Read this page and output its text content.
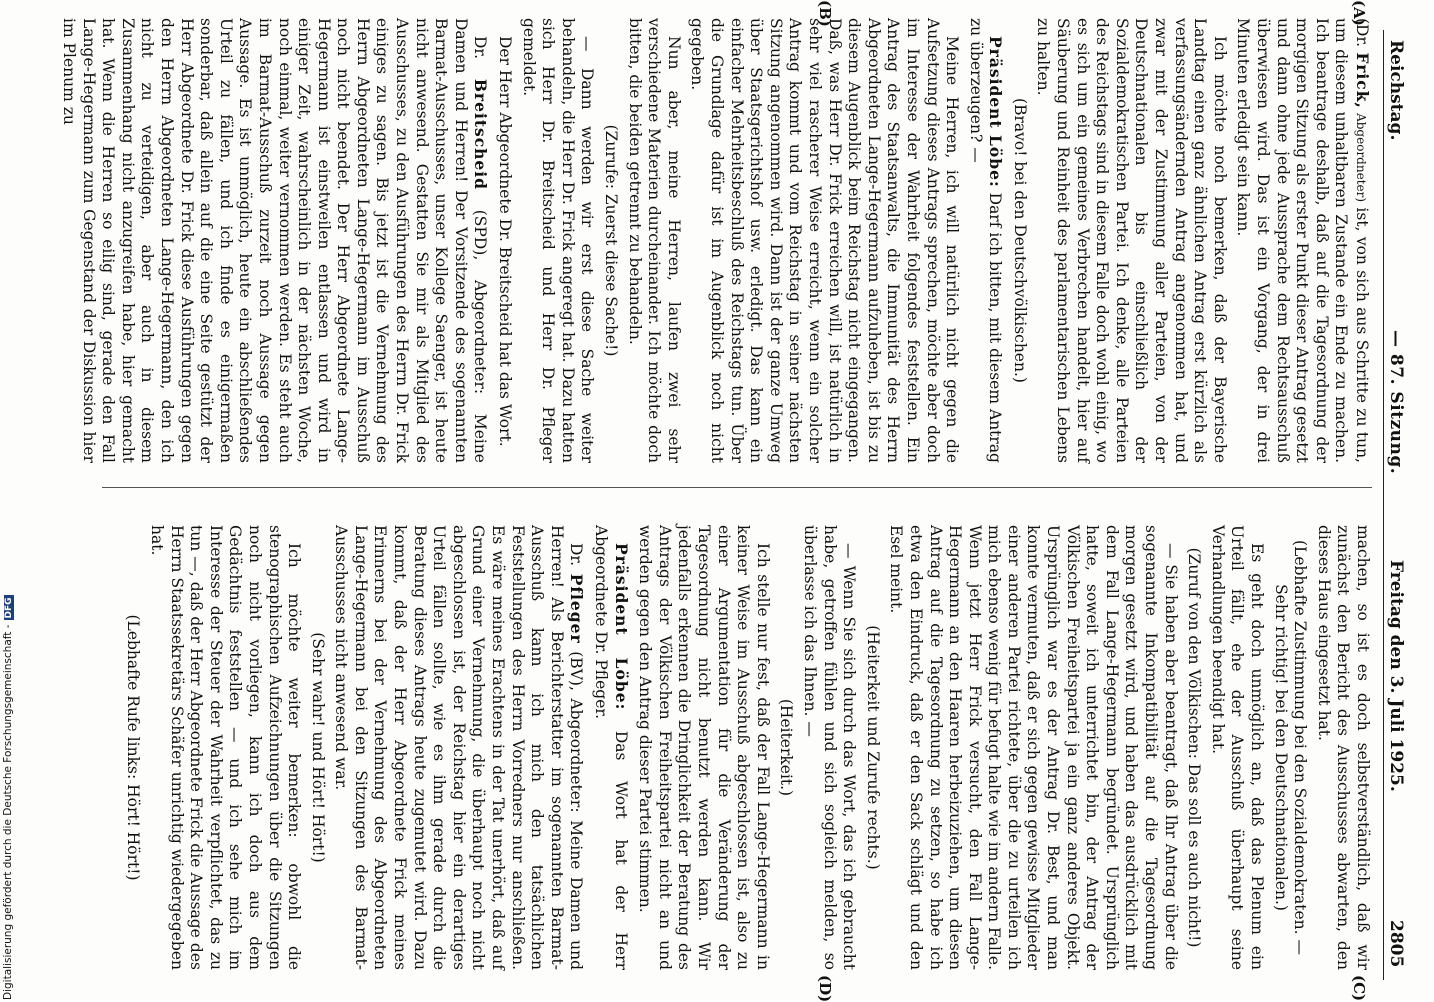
Reichstag.
— 87. Sitzung.
Freitag den 3. Juli 1925.
2805
(A)
(B)
(C)
(D)

(Dr. Frick, Abgeordneter) ist, von sich aus Schritte zu tun, um diesem unhaltbaren Zustande ein Ende zu machen. Ich beantrage deshalb, daß auf die Tagesordnung der morgigen Sitzung als erster Punkt dieser Antrag gesetzt und dann ohne jede Aussprache dem Rechtsausschuß überwiesen wird. Das ist ein Vorgang, der in drei Minuten erledigt sein kann.

Ich möchte noch bemerken, daß der Bayerische Landtag einen ganz ähnlichen Antrag erst kürzlich als verfassungsändernden Antrag angenommen hat, und zwar mit der Zustimmung aller Parteien, von der Deutschnationalen bis einschließlich der Sozialdemokratischen Partei. Ich denke, alle Parteien des Reichstags sind in diesem Falle doch wohl einig, wo es sich um ein gemeines Verbrechen handelt, hier auf Säuberung und Reinheit des parlamentarischen Lebens zu halten.

(Bravo! bei den Deutschvölkischen.)

Präsident Löbe: Darf ich bitten, mit diesem Antrag zu überzeugen? —

Meine Herren, ich will natürlich nicht gegen die Aufsetzung dieses Antrags sprechen, möchte aber doch im Interesse der Wahrheit folgendes feststellen. Ein Antrag des Staatsanwalts, die Immunität des Herrn Abgeordneten Lange-Hegermann aufzuheben, ist bis zu diesem Augenblick beim Reichstag nicht eingegangen. Daß, was Herr Dr. Frick erreichen will, ist natürlich in sehr viel rascherer Weise erreicht, wenn ein solcher Antrag kommt und vom Reichstag in seiner nächsten Sitzung angenommen wird. Dann ist der ganze Umweg über Staatsgerichtshof usw. erledigt. Das kann ein einfacher Mehrheitsbeschluß des Reichstags tun. Über die Grundlage dafür ist im Augenblick noch nicht gegeben.

Nun aber, meine Herren, laufen zwei sehr verschiedene Materien durcheinander. Ich möchte doch bitten, die beiden getrennt zu behandeln.

(Zurufe: Zuerst diese Sache!)

— Dann werden wir erst diese Sache weiter behandeln, die Herr Dr. Frick angeregt hat. Dazu hatten sich Herr Dr. Breitscheid und Herr Dr. Pfleger gemeldet.

Der Herr Abgeordnete Dr. Breitscheid hat das Wort.

Dr. Breitscheid (SPD), Abgeordneter: Meine Damen und Herren! Der Vorsitzende des sogenannten Barmat-Ausschusses, unser Kollege Saenger, ist heute nicht anwesend. Gestatten Sie mir als Mitglied des Ausschusses, zu den Ausführungen des Herrn Dr. Frick einiges zu sagen. Bis jetzt ist die Vernehmung des Herrn Abgeordneten Lange-Hegermann im Ausschuß noch nicht beendet. Der Herr Abgeordnete Lange-Hegermann ist einstweilen entlassen und wird in einiger Zeit, wahrscheinlich in der nächsten Woche, noch einmal, weiter vernommen werden. Es steht auch im Barmat-Ausschuß zurzeit noch Aussage gegen Aussage. Es ist unmöglich, heute ein abschließendes Urteil zu fällen, und ich finde es einigermaßen sonderbar, daß allein auf die eine Seite gestützt der Herr Abgeordnete Dr. Frick diese Ausführungen gegen den Herrn Abgeordneten Lange-Hegermann, den ich nicht zu verteidigen, aber auch in diesem Zusammenhang nicht anzugreifen habe, hier gemacht hat. Wenn die Herren so eilig sind, gerade den Fall Lange-Hegermann zum Gegenstand der Diskussion hier im Plenum zu

machen, so ist es doch selbstverständlich, daß wir zunächst den Bericht des Ausschusses abwarten, den dieses Haus eingesetzt hat.

(Lebhafte Zustimmung bei den Sozialdemokraten. — Sehr richtig! bei den Deutschnationalen.)

Es geht doch unmöglich an, daß das Plenum ein Urteil fällt, ehe der Ausschuß überhaupt seine Verhandlungen beendigt hat.

(Zuruf von den Völkischen: Das soll es auch nicht!)

— Sie haben aber beantragt, daß Ihr Antrag über die sogenannte Inkompatibilität auf die Tagesordnung morgen gesetzt wird, und haben das ausdrücklich mit dem Fall Lange-Hegermann begründet. Ursprünglich hatte, soweit ich unterrichtet bin, der Antrag der Völkischen Freiheitspartei ja ein ganz anderes Objekt. Ursprünglich war es der Antrag Dr. Best, und man konnte vermuten, daß er sich gegen gewisse Mitglieder einer anderen Partei richtete, über die zu urteilen ich mich ebenso wenig für befugt halte wie im andern Falle. Wenn jetzt Herr Frick versucht, den Fall Lange-Hegermann an den Haaren herbeizuziehen, um diesen Antrag auf die Tagesordnung zu setzen, so habe ich etwa den Eindruck, daß er den Sack schlägt und den Esel meint.

(Heiterkeit und Zurufe rechts.)

— Wenn Sie sich durch das Wort, das ich gebraucht habe, getroffen fühlen und sich sogleich melden, so überlasse ich das Ihnen. —

(Heiterkeit.)

Ich stelle nur fest, daß der Fall Lange-Hegermann in keiner Weise im Ausschuß abgeschlossen ist, also zu einer Argumentation für die Veränderung der Tagesordnung nicht benutzt werden kann. Wir jedenfalls erkennen die Dringlichkeit der Beratung des Antrags der Völkischen Freiheitspartei nicht an und werden gegen den Antrag dieser Partei stimmen.

Präsident Löbe: Das Wort hat der Herr Abgeordnete Dr. Pfleger.

Dr. Pfleger (BV), Abgeordneter: Meine Damen und Herren! Als Berichterstatter im sogenannten Barmat-Ausschuß kann ich mich den tatsächlichen Feststellungen des Herrn Vorredners nur anschließen. Es wäre meines Erachtens in der Tat unerhört, daß auf Grund einer Vernehmung, die überhaupt noch nicht abgeschlossen ist, der Reichstag hier ein derartiges Urteil fällen sollte, wie es ihm gerade durch die Beratung dieses Antrags heute zugemutet wird. Dazu kommt, daß der Herr Abgeordnete Frick meines Erinnerns bei der Vernehmung des Abgeordneten Lange-Hegermann bei den Sitzungen des Barmat-Ausschusses nicht anwesend war.

(Sehr wahr! und Hört! Hört!)

Ich möchte weiter bemerken: obwohl die stenographischen Aufzeichnungen über die Sitzungen noch nicht vorliegen, kann ich doch aus dem Gedächtnis feststellen — und ich sehe mich im Interesse der Steuer der Wahrheit verpflichtet, das zu tun —, daß der Herr Abgeordnete Frick die Aussage des Herrn Staatssekretärs Schäfer unrichtig wiedergegeben hat.

(Lebhafte Rufe links: Hört! Hört!)

Digitalisierung gefördert durch die Deutsche Forschungsgemeinschaft -DFG
